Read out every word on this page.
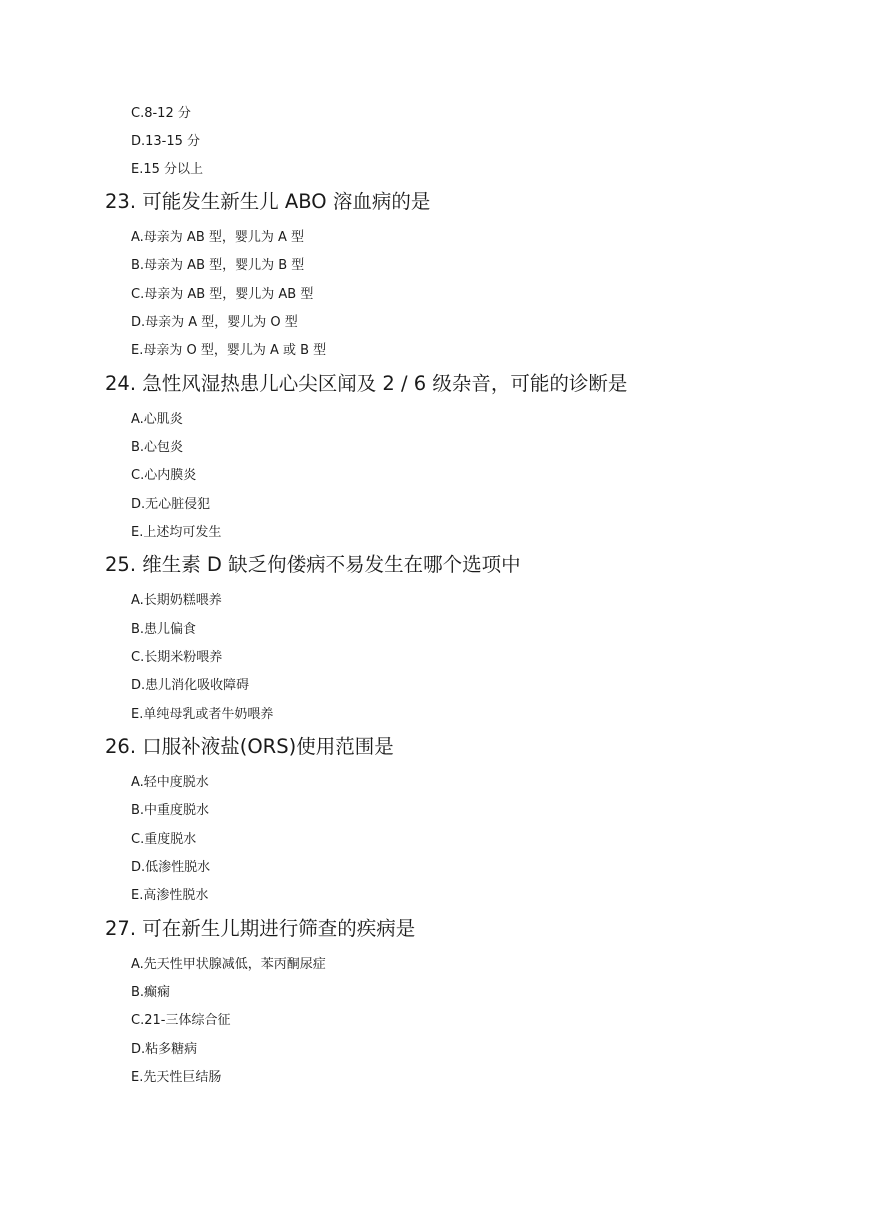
C.8-12 分
D.13-15 分
E.15 分以上
23. 可能发生新生儿 ABO 溶血病的是
A.母亲为 AB 型，婴儿为 A 型
B.母亲为 AB 型，婴儿为 B 型
C.母亲为 AB 型，婴儿为 AB 型
D.母亲为 A 型，婴儿为 O 型
E.母亲为 O 型，婴儿为 A 或 B 型
24. 急性风湿热患儿心尖区闻及 2 / 6 级杂音，可能的诊断是
A.心肌炎
B.心包炎
C.心内膜炎
D.无心脏侵犯
E.上述均可发生
25. 维生素 D 缺乏佝偻病不易发生在哪个选项中
A.长期奶糕喂养
B.患儿偏食
C.长期米粉喂养
D.患儿消化吸收障碍
E.单纯母乳或者牛奶喂养
26. 口服补液盐(ORS)使用范围是
A.轻中度脱水
B.中重度脱水
C.重度脱水
D.低渗性脱水
E.高渗性脱水
27. 可在新生儿期进行筛查的疾病是
A.先天性甲状腺减低，苯丙酮尿症
B.癫痫
C.21-三体综合征
D.粘多糖病
E.先天性巨结肠
